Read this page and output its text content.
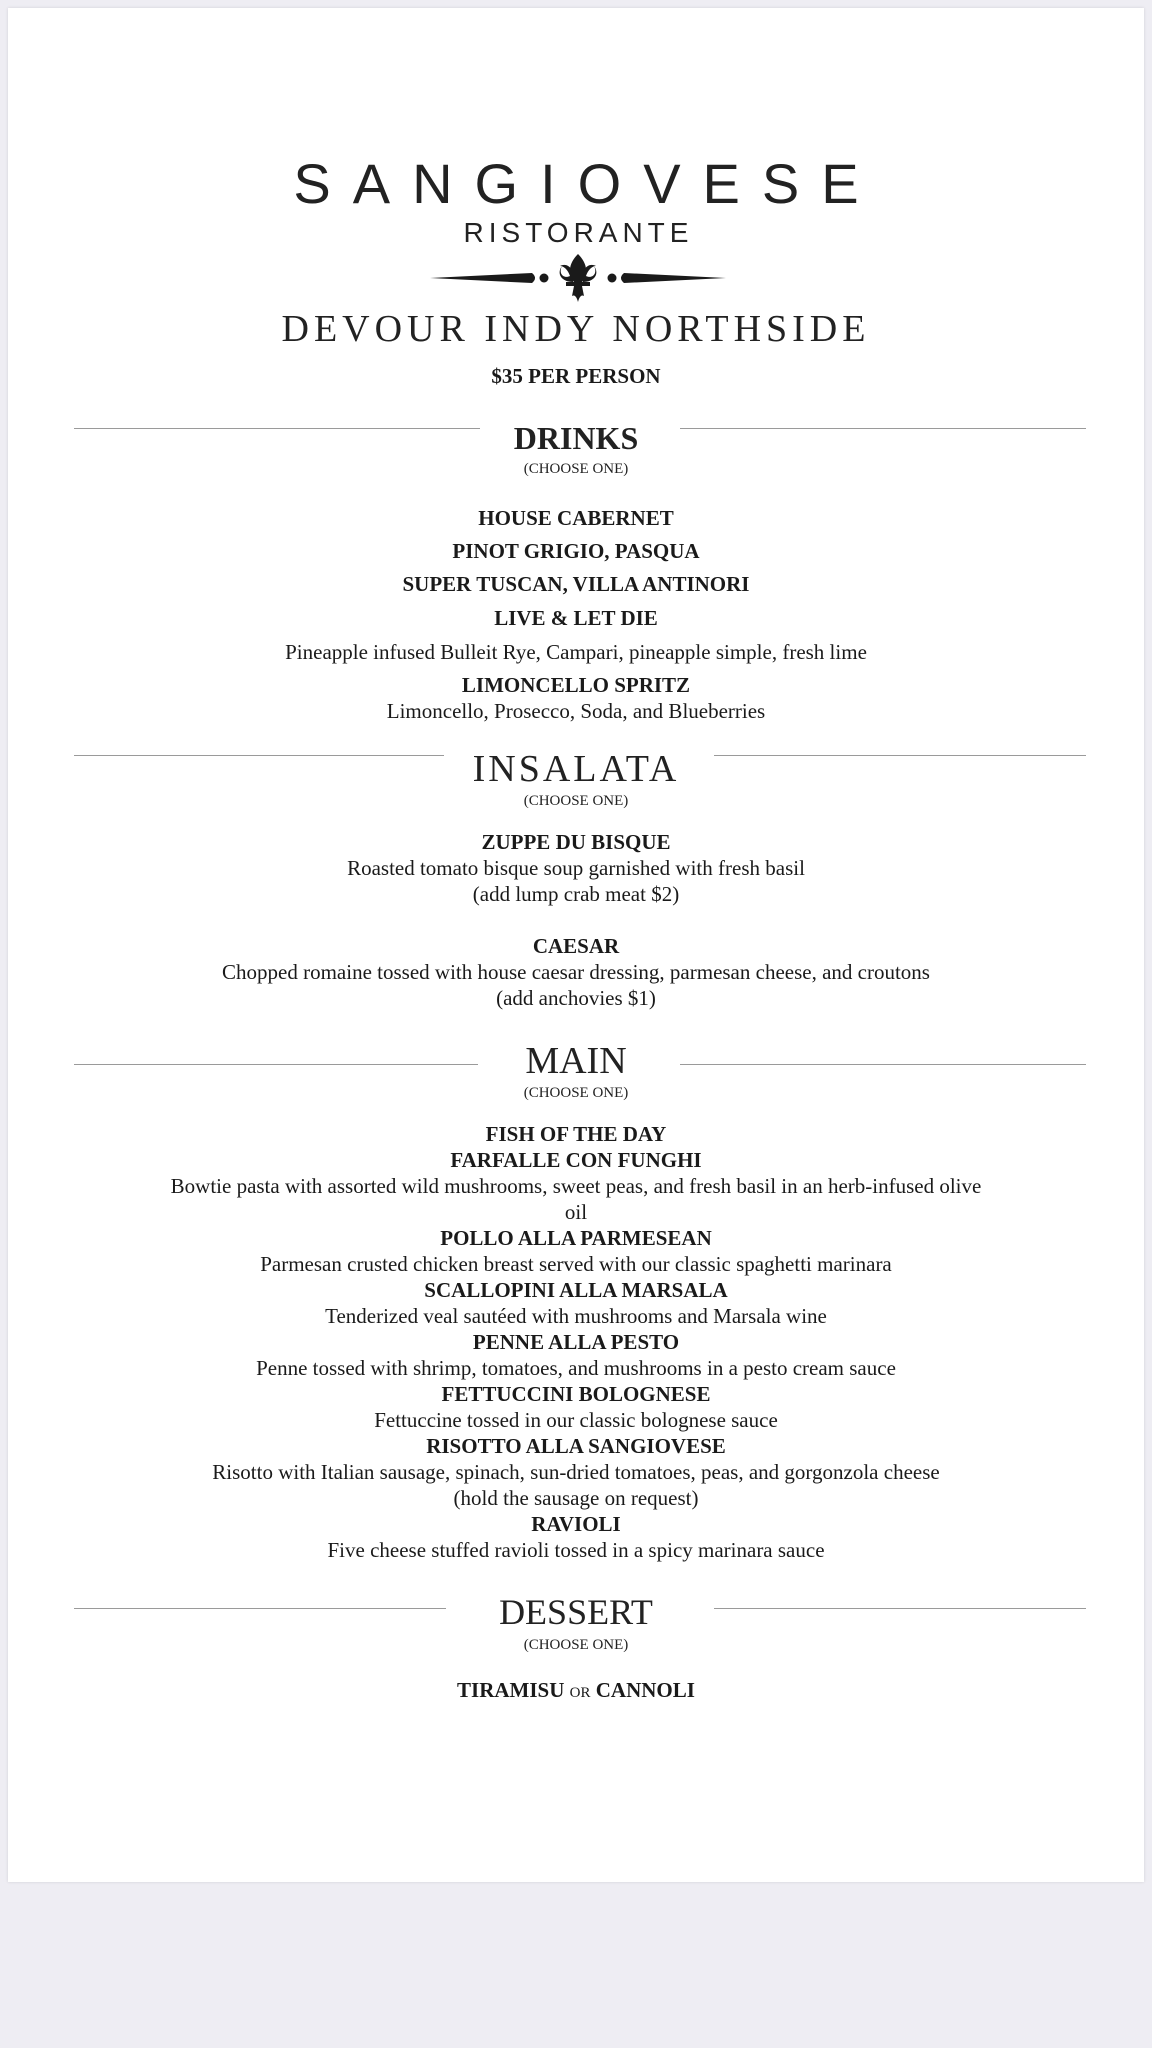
SANGIOVESE
RISTORANTE
DEVOUR INDY NORTHSIDE
$35 PER PERSON
DRINKS
(CHOOSE ONE)
HOUSE CABERNET
PINOT GRIGIO, PASQUA
SUPER TUSCAN, VILLA ANTINORI
LIVE & LET DIE
Pineapple infused Bulleit Rye, Campari, pineapple simple, fresh lime
LIMONCELLO SPRITZ
Limoncello, Prosecco, Soda, and Blueberries
INSALATA
(CHOOSE ONE)
ZUPPE DU BISQUE
Roasted tomato bisque soup garnished with fresh basil
(add lump crab meat $2)
CAESAR
Chopped romaine tossed with house caesar dressing, parmesan cheese, and croutons
(add anchovies $1)
MAIN
(CHOOSE ONE)
FISH OF THE DAY
FARFALLE CON FUNGHI
Bowtie pasta with assorted wild mushrooms, sweet peas, and fresh basil in an herb-infused olive
oil
POLLO ALLA PARMESEAN
Parmesan crusted chicken breast served with our classic spaghetti marinara
SCALLOPINI ALLA MARSALA
Tenderized veal sautéed with mushrooms and Marsala wine
PENNE ALLA PESTO
Penne tossed with shrimp, tomatoes, and mushrooms in a pesto cream sauce
FETTUCCINI BOLOGNESE
Fettuccine tossed in our classic bolognese sauce
RISOTTO ALLA SANGIOVESE
Risotto with Italian sausage, spinach, sun-dried tomatoes, peas, and gorgonzola cheese
(hold the sausage on request)
RAVIOLI
Five cheese stuffed ravioli tossed in a spicy marinara sauce
DESSERT
(CHOOSE ONE)
TIRAMISU OR CANNOLI
